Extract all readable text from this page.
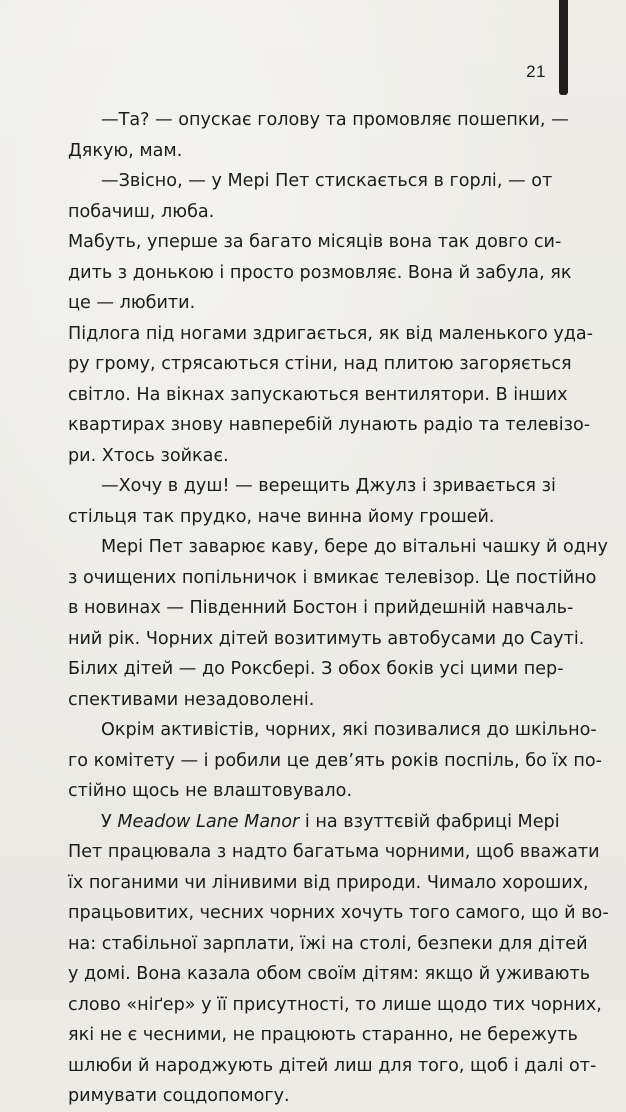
21
—Та? — опускає голову та промовляє пошепки, —
Дякую, мам.
—Звісно, — у Мері Пет стискається в горлі, — от
побачиш, люба.
Мабуть, уперше за багато місяців вона так довго си-
дить з донькою і просто розмовляє. Вона й забула, як
це — любити.
Підлога під ногами здригається, як від маленького уда-
ру грому, стрясаються стіни, над плитою загоряється
світло. На вікнах запускаються вентилятори. В інших
квартирах знову навперебій лунають радіо та телевізо-
ри. Хтось зойкає.
—Хочу в душ! — верещить Джулз і зривається зі
стільця так прудко, наче винна йому грошей.
Мері Пет заварює каву, бере до вітальні чашку й одну
з очищених попільничок і вмикає телевізор. Це постійно
в новинах — Південний Бостон і прийдешній навчаль-
ний рік. Чорних дітей возитимуть автобусами до Сауті.
Білих дітей — до Роксбері. З обох боків усі цими пер-
спективами незадоволені.
Окрім активістів, чорних, які позивалися до шкільно-
го комітету — і робили це дев’ять років поспіль, бо їх по-
стійно щось не влаштовувало.
У Meadow Lane Manor і на взуттєвій фабриці Мері
Пет працювала з надто багатьма чорними, щоб вважати
їх поганими чи лінивими від природи. Чимало хороших,
працьовитих, чесних чорних хочуть того самого, що й во-
на: стабільної зарплати, їжі на столі, безпеки для дітей
у домі. Вона казала обом своїм дітям: якщо й уживають
слово «ніґер» у її присутності, то лише щодо тих чорних,
які не є чесними, не працюють старанно, не бережуть
шлюби й народжують дітей лиш для того, щоб і далі от-
римувати соцдопомогу.
